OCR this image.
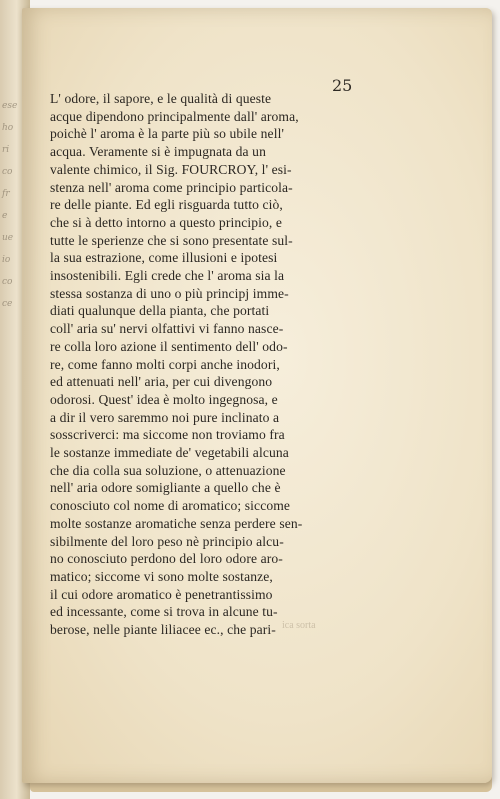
ese
ho
ri
co
fr
e
ue
io
co
ce
25
L' odore, il sapore, e le qualità di queste
acque dipendono principalmente dall' aroma,
poichè l' aroma è la parte più so ubile nell'
acqua. Veramente si è impugnata da un
valente chimico, il Sig. FOURCROY, l' esi-
stenza nell' aroma come principio particola-
re delle piante. Ed egli risguarda tutto ciò,
che si à detto intorno a questo principio, e
tutte le sperienze che si sono presentate sul-
la sua estrazione, come illusioni e ipotesi
insostenibili. Egli crede che l' aroma sia la
stessa sostanza di uno o più principj imme-
diati qualunque della pianta, che portati
coll' aria su' nervi olfattivi vi fanno nasce-
re colla loro azione il sentimento dell' odo-
re, come fanno molti corpi anche inodori,
ed attenuati nell' aria, per cui divengono
odorosi. Quest' idea è molto ingegnosa, e
a dir il vero saremmo noi pure inclinato a
sosscriverci: ma siccome non troviamo fra
le sostanze immediate de' vegetabili alcuna
che dia colla sua soluzione, o attenuazione
nell' aria odore somigliante a quello che è
conosciuto col nome di aromatico; siccome
molte sostanze aromatiche senza perdere sen-
sibilmente del loro peso nè principio alcu-
no conosciuto perdono del loro odore aro-
matico; siccome vi sono molte sostanze,
il cui odore aromatico è penetrantissimo
ed incessante, come si trova in alcune tu-
berose, nelle piante liliacee ec., che pari- ica sorta
